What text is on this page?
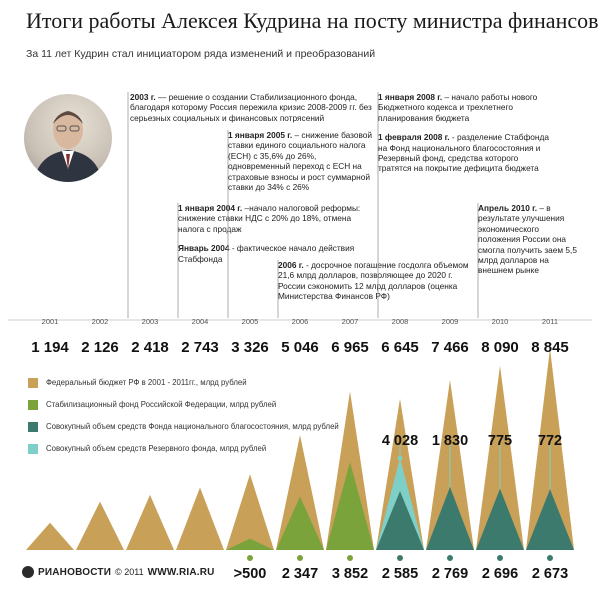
Итоги работы Алексея Кудрина на посту министра финансов
За 11 лет Кудрин стал инициатором ряда изменений и преобразований

2003 г. — решение о создании Стабилизационного фонда, благодаря которому Россия пережила кризис 2008-2009 гг. без серьезных социальных и финансовых потрясений

1 января 2005 г. – снижение базовой ставки единого социального налога (ЕСН) с 35,6% до 26%, одновременный переход с ЕСН на страховые взносы и рост суммарной ставки до 34% с 26%

1 января 2004 г. –начало налоговой реформы: снижение ставки НДС с 20% до 18%, отмена налога с продаж

Январь 2004 - фактическое начало действия Стабфонда

2006 г. - досрочное погашение госдолга объемом 21,6 млрд долларов, позволяющее до 2020 г. России сэкономить 12 млрд долларов (оценка Министерства Финансов РФ)

1 января 2008 г. – начало работы нового Бюджетного кодекса и трехлетнего планирования бюджета

1 февраля 2008 г. - разделение Стабфонда на Фонд национального благосостояния и Резервный фонд, средства которого тратятся на покрытие дефицита бюджета

Апрель 2010 г. – в результате улучшения экономического положения России она смогла получить заем 5,5 млрд долларов на внешнем рынке

2001
1 194
2002
2 126
2003
2 418
2004
2 743
2005
3 326
2006
5 046
2007
6 965
2008
6 645
2009
7 466
2010
8 090
2011
8 845
4 028 1 830 775 772
>500 2 347 3 852 2 585 2 769 2 696 2 673
Федеральный бюджет РФ в 2001 - 2011гг., млрд рублей
Стабилизационный фонд Российской Федерации, млрд рублей
Совокупный объем средств Фонда национального благосостояния, млрд рублей
Совокупный объем средств Резервного фонда, млрд рублей
РИАНОВОСТИ © 2011 WWW.RIA.RU
